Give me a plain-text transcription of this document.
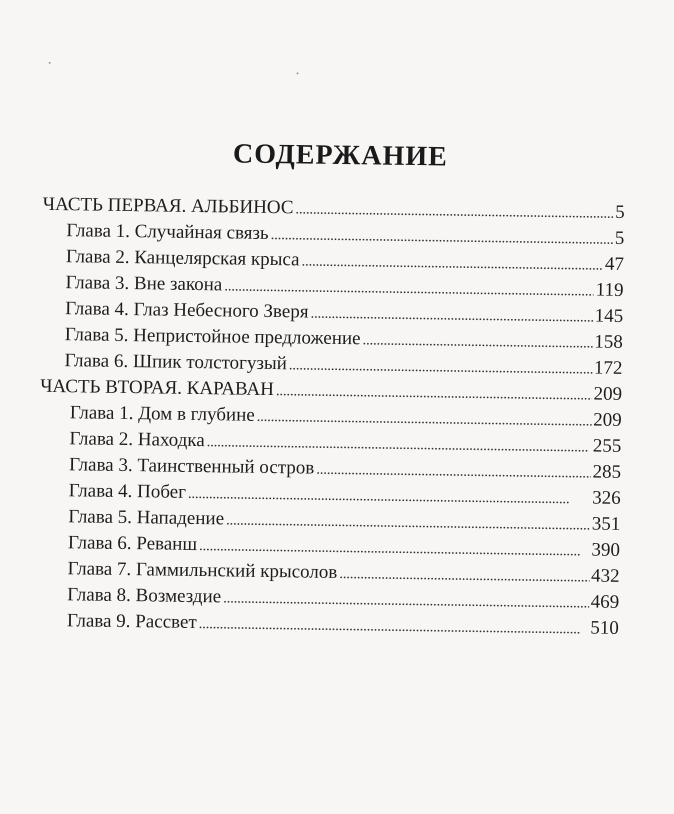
СОДЕРЖАНИЕ
ЧАСТЬ ПЕРВАЯ. АЛЬБИНОС . . .	5
Глава 1. Случайная связь . . .	5
Глава 2. Канцелярская крыса . . .	47
Глава 3. Вне закона . . .	119
Глава 4. Глаз Небесного Зверя . . .	145
Глава 5. Непристойное предложение . . .	158
Глава 6. Шпик толстогузый . . .	172
ЧАСТЬ ВТОРАЯ. КАРАВАН . . .	209
Глава 1. Дом в глубине . . .	209
Глава 2. Находка . . .	255
Глава 3. Таинственный остров . . .	285
Глава 4. Побег . . .	326
Глава 5. Нападение . . .	351
Глава 6. Реванш . . .	390
Глава 7. Гаммильнский крысолов . . .	432
Глава 8. Возмездие . . .	469
Глава 9. Рассвет . . .	510
